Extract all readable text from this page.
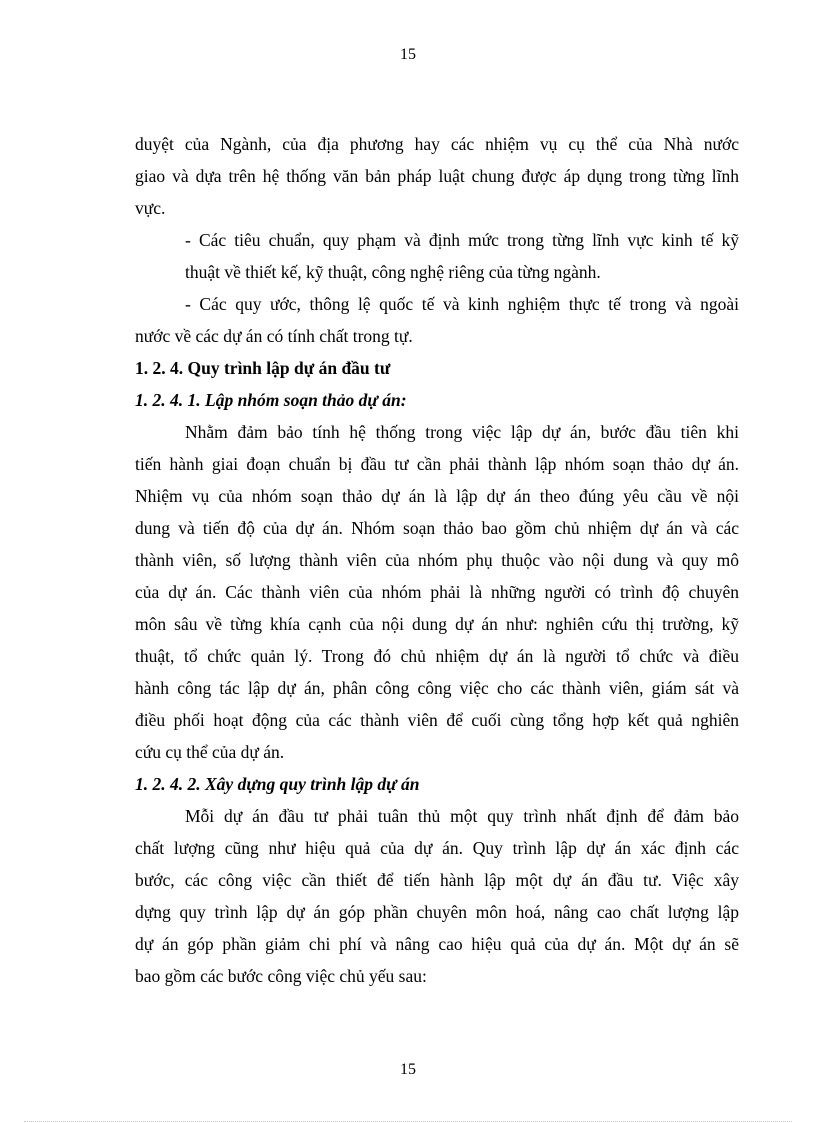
15
duyệt của Ngành, của địa phương hay các nhiệm vụ cụ thể của Nhà nước
giao và dựa trên hệ thống văn bản pháp luật chung được áp dụng trong từng lĩnh
vực.
- Các tiêu chuẩn, quy phạm và định mức trong từng lĩnh vực kinh tế kỹ
thuật về thiết kế, kỹ thuật, công nghệ riêng của từng ngành.
- Các quy ước, thông lệ quốc tế và kinh nghiệm thực tế trong và ngoài
nước về các dự án có tính chất trong tự.
1. 2. 4. Quy trình lập dự án đầu tư
1. 2. 4. 1. Lập nhóm soạn thảo dự án:
Nhằm đảm bảo tính hệ thống trong việc lập dự án, bước đầu tiên khi
tiến hành giai đoạn chuẩn bị đầu tư cần phải thành lập nhóm soạn thảo dự án.
Nhiệm vụ của nhóm soạn thảo dự án là lập dự án theo đúng yêu cầu về nội
dung và tiến độ của dự án. Nhóm soạn thảo bao gồm chủ nhiệm dự án và các
thành viên, số lượng thành viên của nhóm phụ thuộc vào nội dung và quy mô
của dự án. Các thành viên của nhóm phải là những người có trình độ chuyên
môn sâu về từng khía cạnh của nội dung dự án như: nghiên cứu thị trường, kỹ
thuật, tổ chức quản lý. Trong đó chủ nhiệm dự án là người tổ chức và điều
hành công tác lập dự án, phân công công việc cho các thành viên, giám sát và
điều phối hoạt động của các thành viên để cuối cùng tổng hợp kết quả nghiên
cứu cụ thể của dự án.
1. 2. 4. 2. Xây dựng quy trình lập dự án
Mỗi dự án đầu tư phải tuân thủ một quy trình nhất định để đảm bảo
chất lượng cũng như hiệu quả của dự án. Quy trình lập dự án xác định các
bước, các công việc cần thiết để tiến hành lập một dự án đầu tư. Việc xây
dựng quy trình lập dự án góp phần chuyên môn hoá, nâng cao chất lượng lập
dự án góp phần giảm chi phí và nâng cao hiệu quả của dự án. Một dự án sẽ
bao gồm các bước công việc chủ yếu sau:
15
